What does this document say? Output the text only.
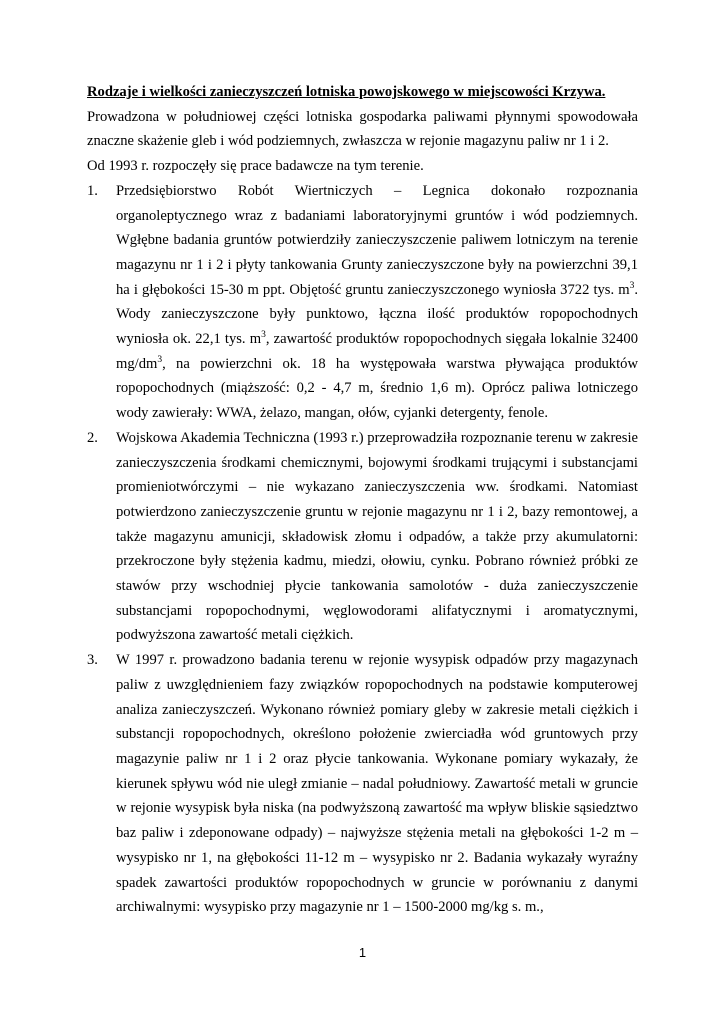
Rodzaje i wielkości zanieczyszczeń lotniska powojskowego w miejscowości Krzywa.

Prowadzona w południowej części lotniska gospodarka paliwami płynnymi spowodowała znaczne skażenie gleb i wód podziemnych, zwłaszcza w rejonie magazynu paliw nr 1 i 2.

Od 1993 r. rozpoczęły się prace badawcze na tym terenie.

1. Przedsiębiorstwo Robót Wiertniczych – Legnica dokonało rozpoznania organoleptycznego wraz z badaniami laboratoryjnymi gruntów i wód podziemnych. Wgłębne badania gruntów potwierdziły zanieczyszczenie paliwem lotniczym na terenie magazynu nr 1 i 2 i płyty tankowania Grunty zanieczyszczone były na powierzchni 39,1 ha i głębokości 15-30 m ppt. Objętość gruntu zanieczyszczonego wyniosła 3722 tys. $m^3$. Wody zanieczyszczone były punktowo, łączna ilość produktów ropopochodnych wyniosła ok. 22,1 tys. $m^3$, zawartość produktów ropopochodnych sięgała lokalnie 32400 $mg/dm^3$, na powierzchni ok. 18 ha występowała warstwa pływająca produktów ropopochodnych (miąższość: 0,2 - 4,7 m, średnio 1,6 m). Oprócz paliwa lotniczego wody zawierały: WWA, żelazo, mangan, ołów, cyjanki detergenty, fenole.
2. Wojskowa Akademia Techniczna (1993 r.) przeprowadziła rozpoznanie terenu w zakresie zanieczyszczenia środkami chemicznymi, bojowymi środkami trującymi i substancjami promieniotwórczymi – nie wykazano zanieczyszczenia ww. środkami. Natomiast potwierdzono zanieczyszczenie gruntu w rejonie magazynu nr 1 i 2, bazy remontowej, a także magazynu amunicji, składowisk złomu i odpadów, a także przy akumulatorni: przekroczone były stężenia kadmu, miedzi, ołowiu, cynku. Pobrano również próbki ze stawów przy wschodniej płycie tankowania samolotów - duża zanieczyszczenie substancjami ropopochodnymi, węglowodorami alifatycznymi i aromatycznymi, podwyższona zawartość metali ciężkich.
3. W 1997 r. prowadzono badania terenu w rejonie wysypisk odpadów przy magazynach paliw z uwzględnieniem fazy związków ropopochodnych na podstawie komputerowej analiza zanieczyszczeń. Wykonano również pomiary gleby w zakresie metali ciężkich i substancji ropopochodnych, określono położenie zwierciadła wód gruntowych przy magazynie paliw nr 1 i 2 oraz płycie tankowania. Wykonane pomiary wykazały, że kierunek spływu wód nie uległ zmianie – nadal południowy. Zawartość metali w gruncie w rejonie wysypisk była niska (na podwyższoną zawartość ma wpływ bliskie sąsiedztwo baz paliw i zdeponowane odpady) – najwyższe stężenia metali na głębokości 1-2 m – wysypisko nr 1, na głębokości 11-12 m – wysypisko nr 2. Badania wykazały wyraźny spadek zawartości produktów ropopochodnych w gruncie w porównaniu z danymi archiwalnymi: wysypisko przy magazynie nr 1 – 1500-2000 mg/kg s. m.,
1
